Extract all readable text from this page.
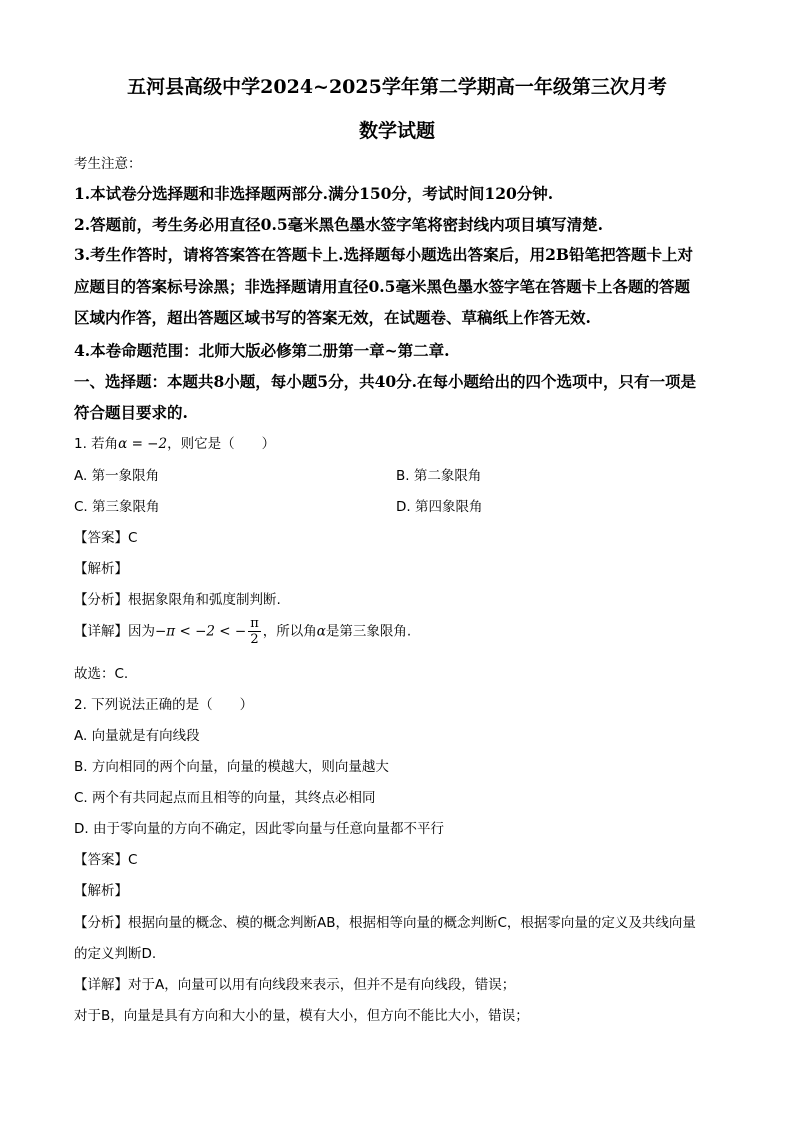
五河县高级中学2024~2025学年第二学期高一年级第三次月考
数学试题
考生注意：
1.本试卷分选择题和非选择题两部分.满分150分，考试时间120分钟.
2.答题前，考生务必用直径0.5毫米黑色墨水签字笔将密封线内项目填写清楚.
3.考生作答时，请将答案答在答题卡上.选择题每小题选出答案后，用2B铅笔把答题卡上对
应题目的答案标号涂黑；非选择题请用直径0.5毫米黑色墨水签字笔在答题卡上各题的答题
区域内作答，超出答题区域书写的答案无效，在试题卷、草稿纸上作答无效.
4.本卷命题范围：北师大版必修第二册第一章~第二章.
一、选择题：本题共8小题，每小题5分，共40分.在每小题给出的四个选项中，只有一项是
符合题目要求的.
1. 若角α = −2，则它是（　　）
A. 第一象限角	B. 第二象限角
C. 第三象限角	D. 第四象限角
【答案】C
【解析】
【分析】根据象限角和弧度制判断.
【详解】因为−π < −2 < − $\frac{\pi}{2}$ ，所以角α是第三象限角.
故选：C.
2. 下列说法正确的是（　　）
A. 向量就是有向线段
B. 方向相同的两个向量，向量的模越大，则向量越大
C. 两个有共同起点而且相等的向量，其终点必相同
D. 由于零向量的方向不确定，因此零向量与任意向量都不平行
【答案】C
【解析】
【分析】根据向量的概念、模的概念判断AB，根据相等向量的概念判断C，根据零向量的定义及共线向量
的定义判断D.
【详解】对于A，向量可以用有向线段来表示，但并不是有向线段，错误；
对于B，向量是具有方向和大小的量，模有大小，但方向不能比大小，错误；
